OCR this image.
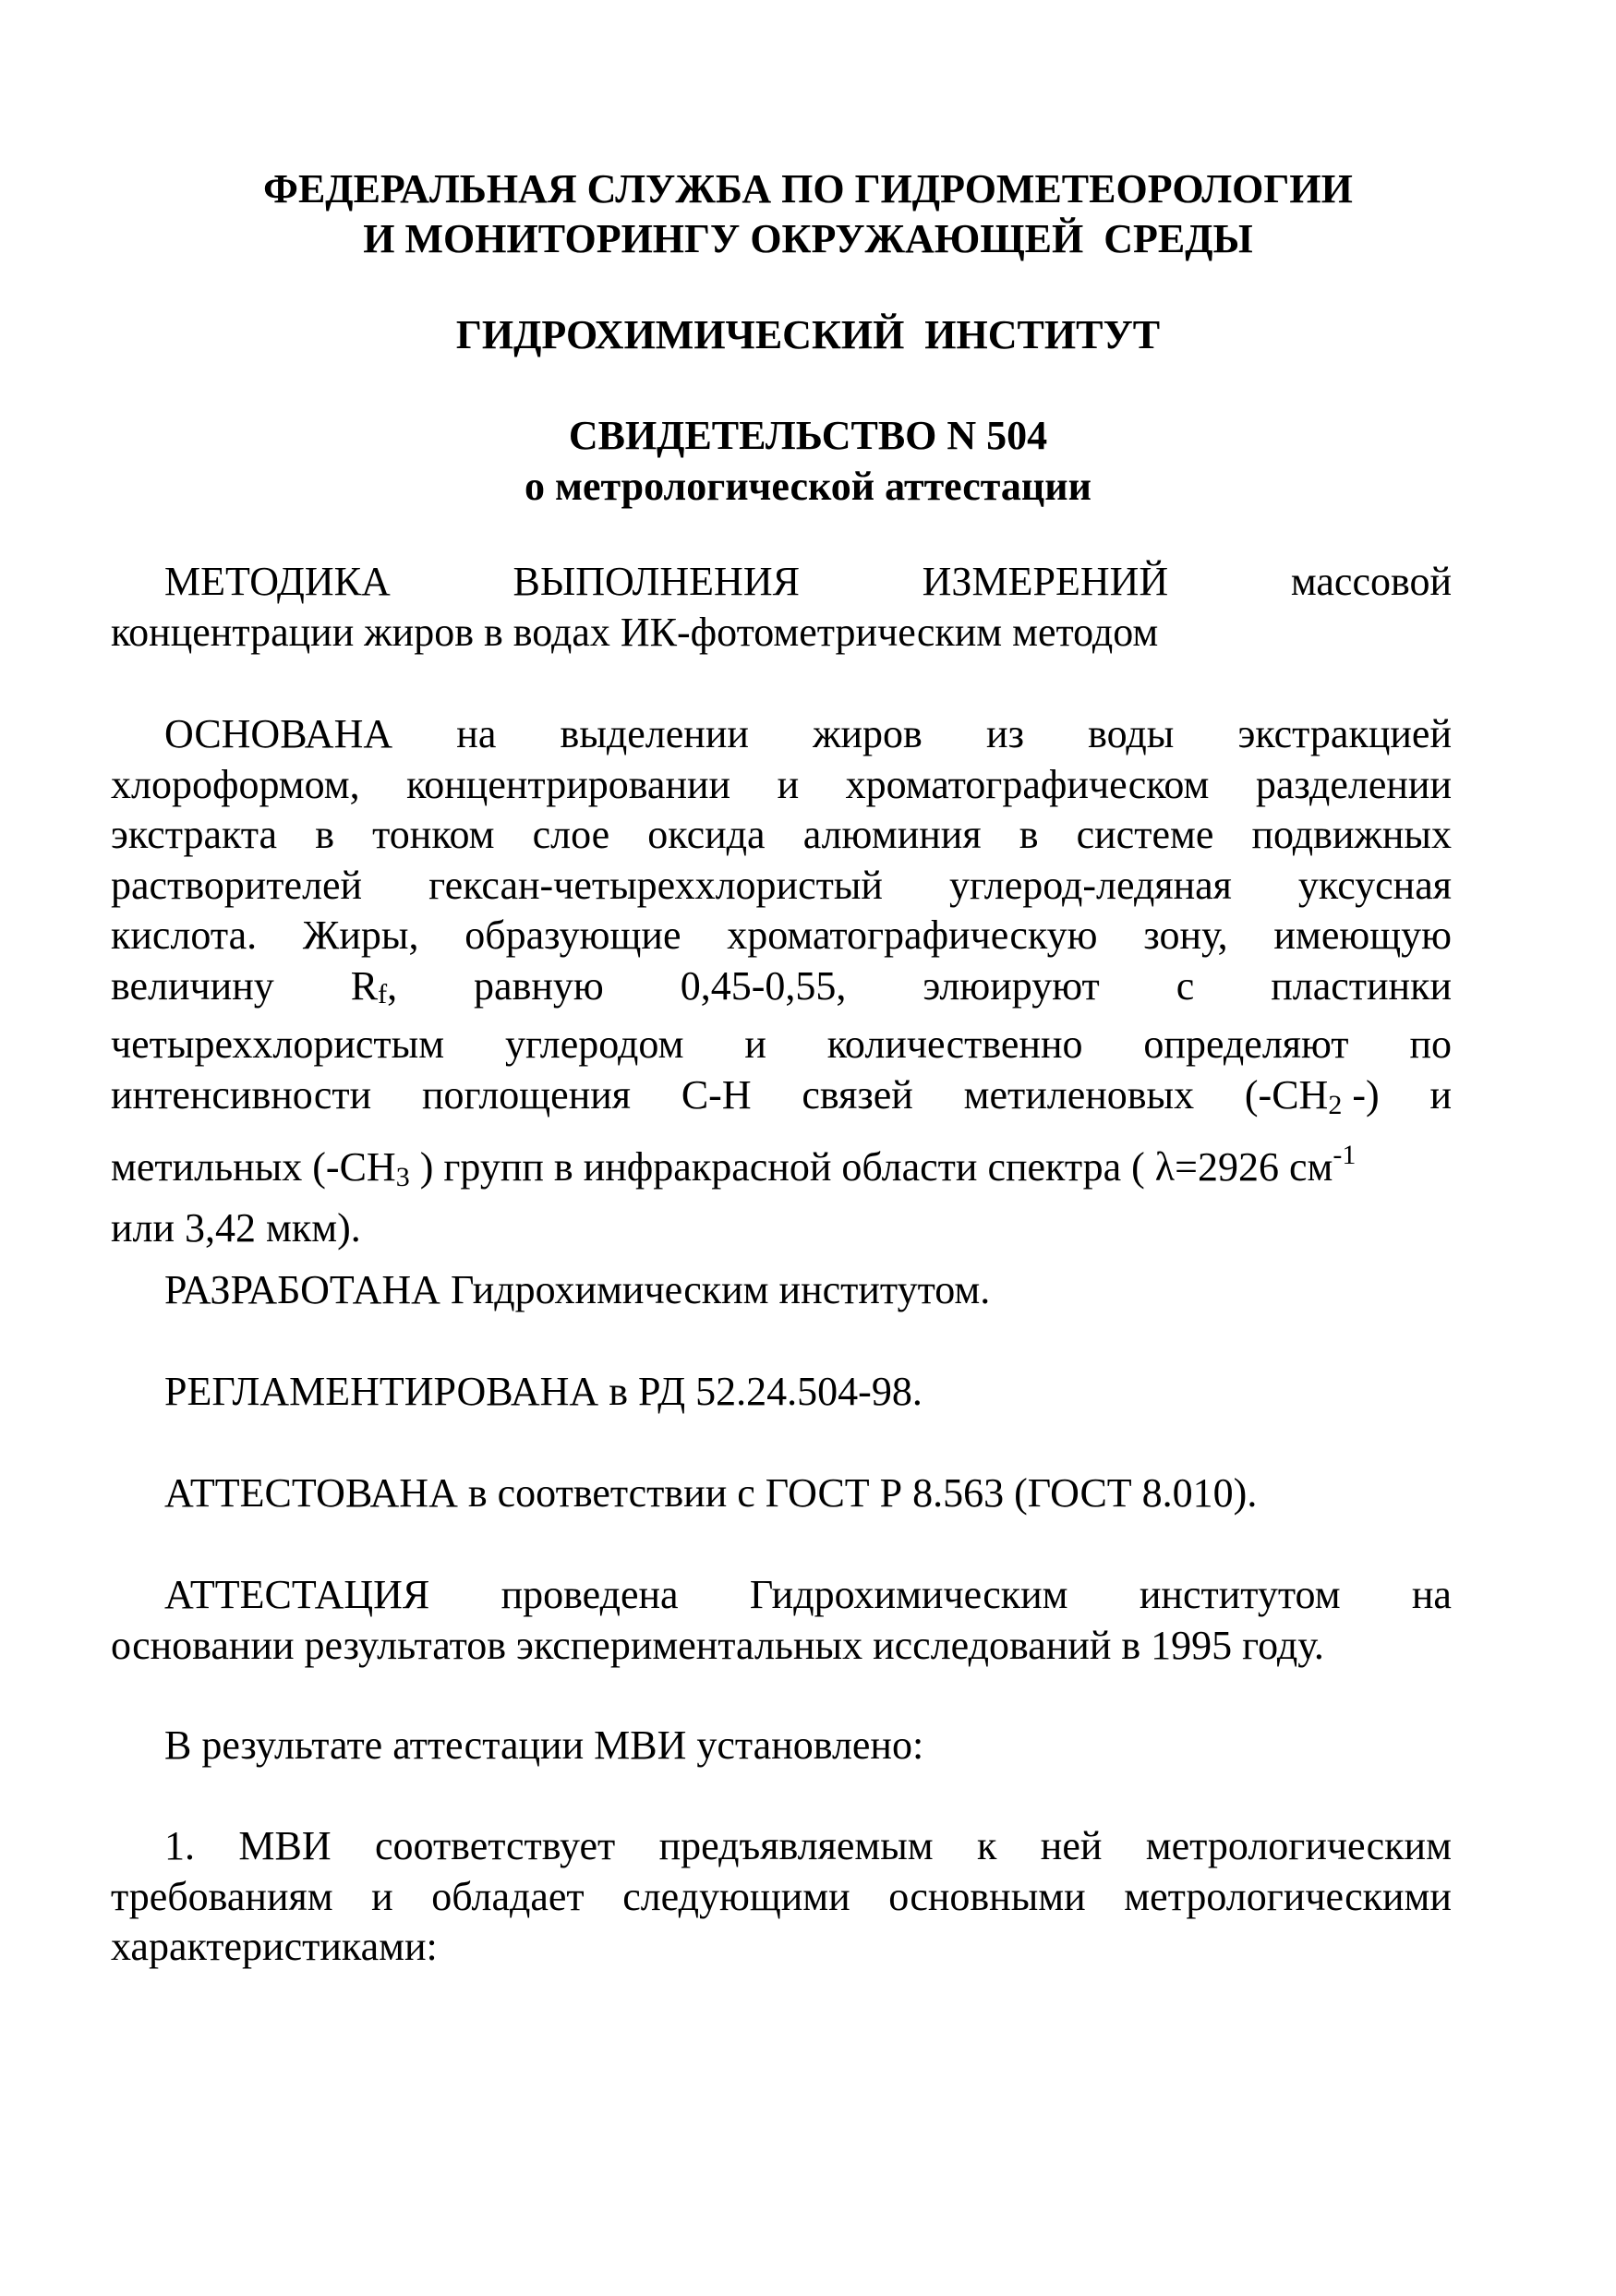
ФЕДЕРАЛЬНАЯ СЛУЖБА ПО ГИДРОМЕТЕОРОЛОГИИ
И МОНИТОРИНГУ ОКРУЖАЮЩЕЙ  СРЕДЫ
ГИДРОХИМИЧЕСКИЙ  ИНСТИТУТ
СВИДЕТЕЛЬСТВО N 504
о метрологической аттестации
МЕТОДИКА	ВЫПОЛНЕНИЯ	ИЗМЕРЕНИЙ	массовой
концентрации жиров в водах ИК-фотометрическим методом
ОСНОВАНА на выделении жиров из воды экстракцией
хлороформом, концентрировании и хроматографическом разделении
экстракта в тонком слое оксида алюминия в системе подвижных
растворителей гексан-четыреххлористый углерод-ледяная уксусная
кислота. Жиры, образующие хроматографическую зону, имеющую
величину Rf, равную 0,45-0,55, элюируют с пластинки
четыреххлористым углеродом и количественно определяют по
интенсивности поглощения С-Н связей метиленовых ($-CH_2$ -) и
метильных ($-CH_3$ ) групп в инфракрасной области спектра ( λ=2926 $см^{-1}$
или 3,42 мкм).
РАЗРАБОТАНА Гидрохимическим институтом.
РЕГЛАМЕНТИРОВАНА в РД 52.24.504-98.
АТТЕСТОВАНА в соответствии с ГОСТ Р 8.563 (ГОСТ 8.010).
АТТЕСТАЦИЯ проведена Гидрохимическим институтом на
основании результатов экспериментальных исследований в 1995 году.
В результате аттестации МВИ установлено:
1. МВИ соответствует предъявляемым к ней метрологическим
требованиям и обладает следующими основными метрологическими
характеристиками:
